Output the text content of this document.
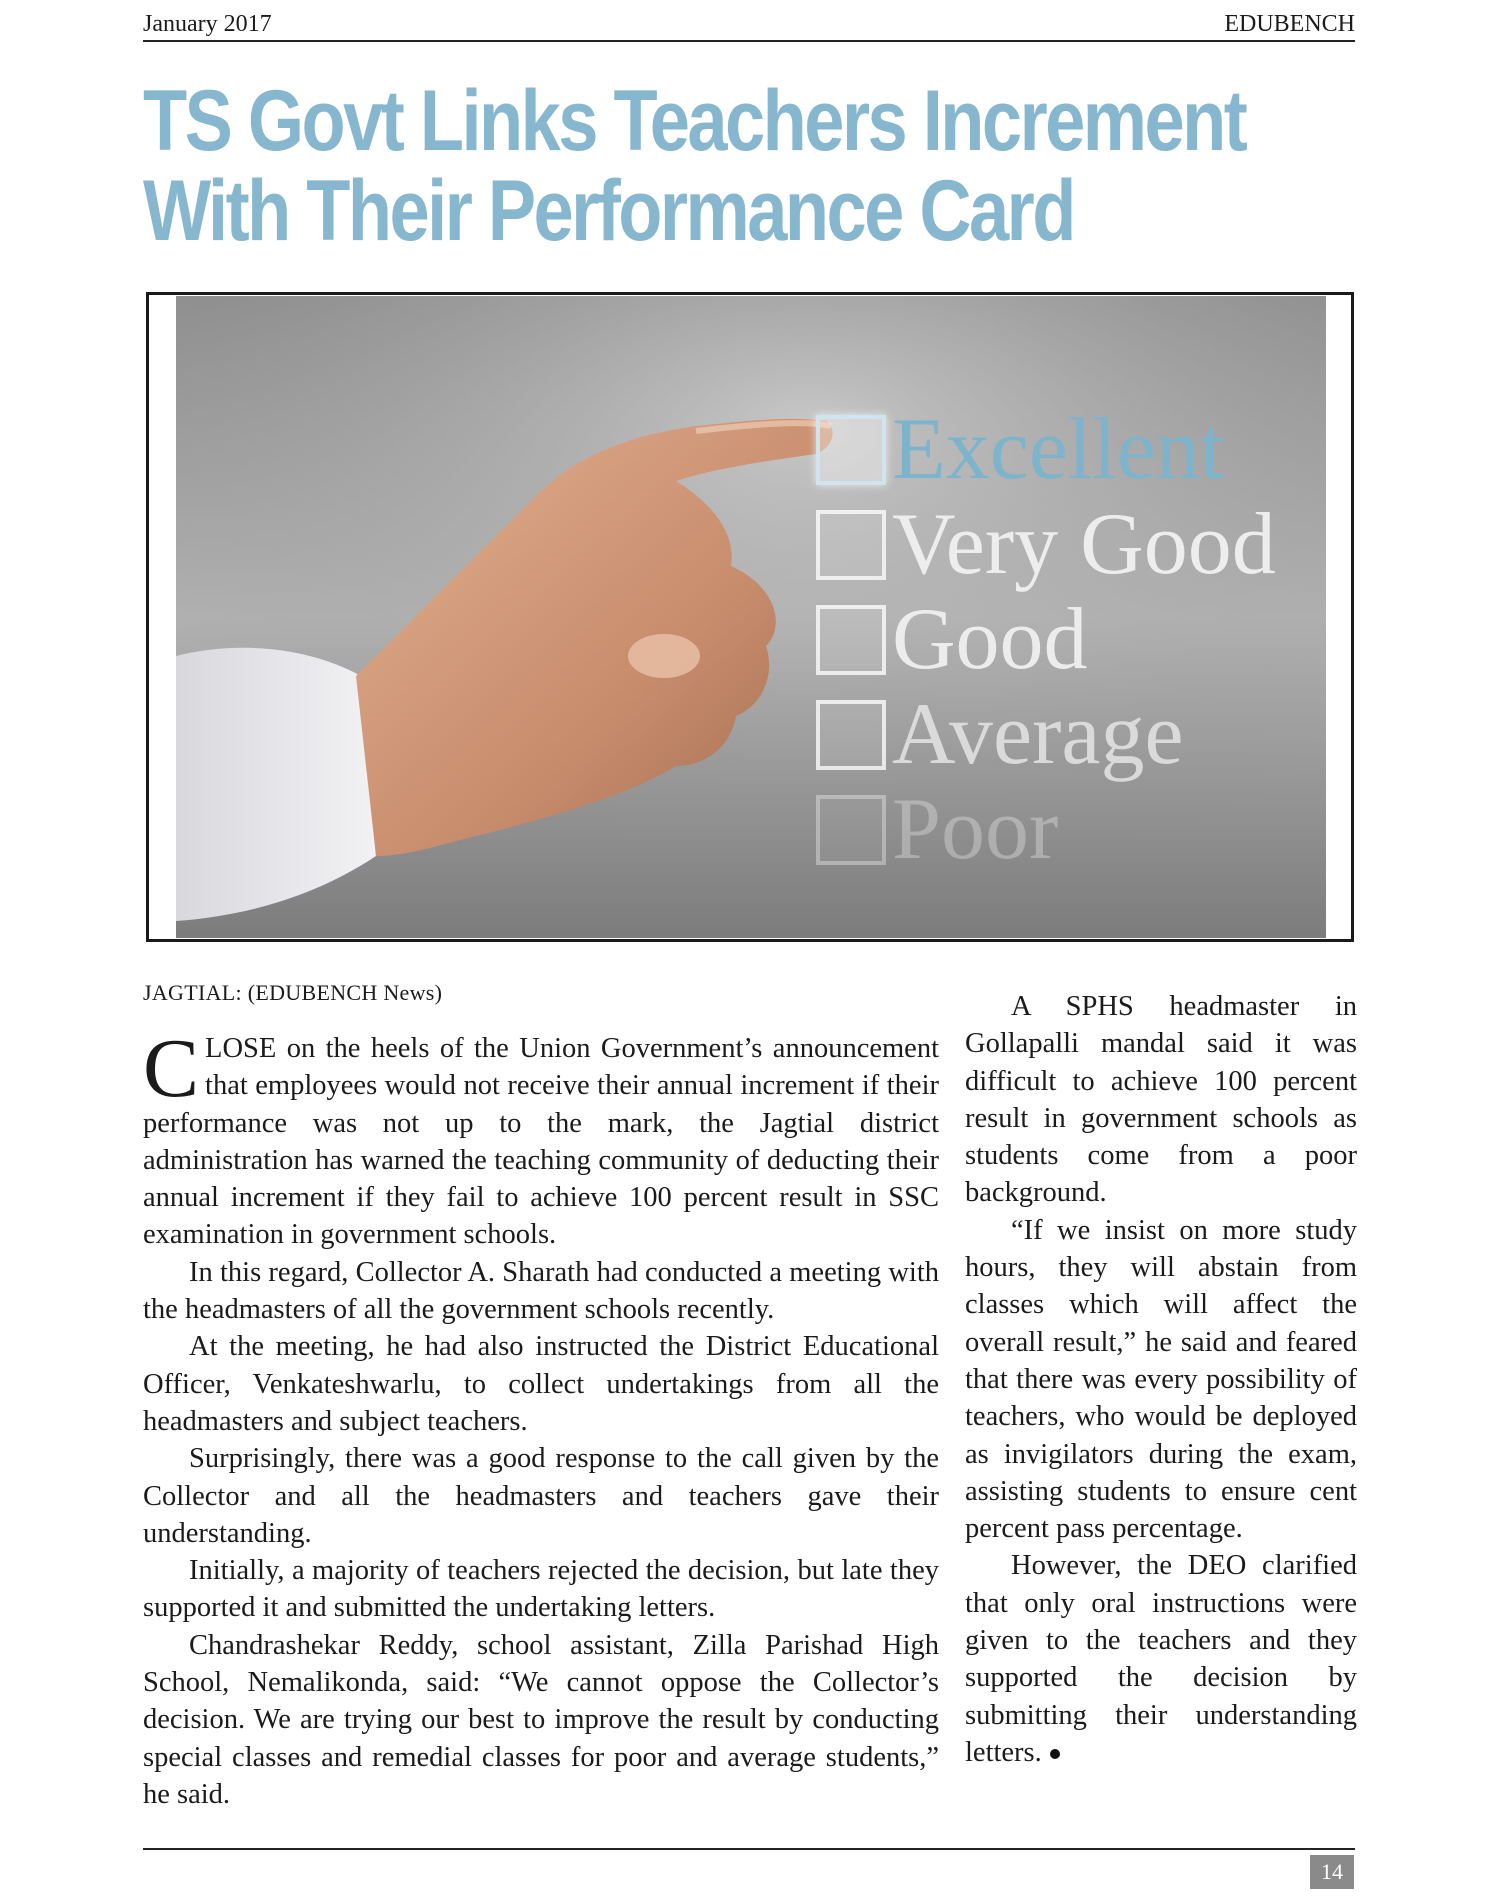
January 2017	EDUBENCH
TS Govt Links Teachers Increment
With Their Performance Card
Excellent
Very Good
Good
Average
Poor
JAGTIAL: (EDUBENCH News)

CLOSE on the heels of the Union Government’s announcement that employees would not receive their annual increment if their performance was not up to the mark, the Jagtial district administration has warned the teaching community of deducting their annual increment if they fail to achieve 100 percent result in SSC examination in government schools.

In this regard, Collector A. Sharath had conducted a meeting with the headmasters of all the government schools recently.

At the meeting, he had also instructed the District Educational Officer, Venkateshwarlu, to collect undertakings from all the headmasters and subject teachers.

Surprisingly, there was a good response to the call given by the Collector and all the headmasters and teachers gave their understanding.

Initially, a majority of teachers rejected the decision, but late they supported it and submitted the undertaking letters.

Chandrashekar Reddy, school assistant, Zilla Parishad High School, Nemalikonda, said: “We cannot oppose the Collector’s decision. We are trying our best to improve the result by conducting special classes and remedial classes for poor and average students,” he said.

A SPHS headmaster in Gollapalli mandal said it was difficult to achieve 100 percent result in government schools as students come from a poor background.

“If we insist on more study hours, they will abstain from classes which will affect the overall result,” he said and feared that there was every possibility of teachers, who would be deployed as invigilators during the exam, assisting students to ensure cent percent pass percentage.

However, the DEO clarified that only oral instructions were given to the teachers and they supported the decision by submitting their understanding letters.

14
